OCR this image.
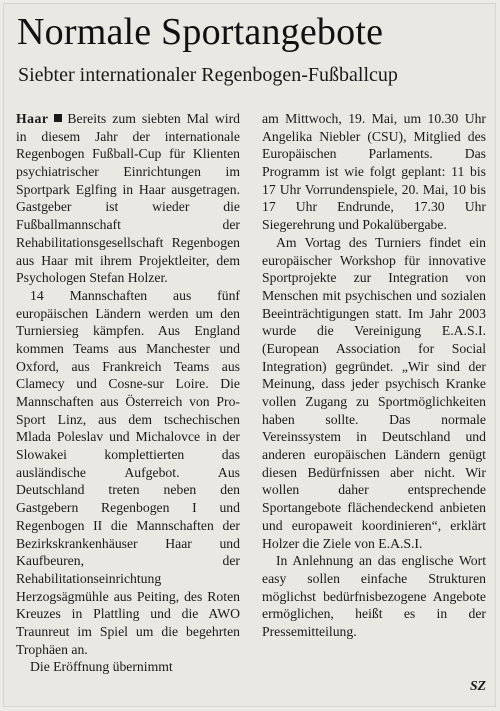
Normale Sportangebote
Siebter internationaler Regenbogen-Fußballcup

Haar Bereits zum siebten Mal wird in diesem Jahr der internationale Regenbogen Fußball-Cup für Klienten psychiatrischer Einrichtungen im Sportpark Eglfing in Haar ausgetragen. Gastgeber ist wieder die Fußballmannschaft der Rehabilitationsgesellschaft Regenbogen aus Haar mit ihrem Projektleiter, dem Psychologen Stefan Holzer.

14 Mannschaften aus fünf europäischen Ländern werden um den Turniersieg kämpfen. Aus England kommen Teams aus Manchester und Oxford, aus Frankreich Teams aus Clamecy und Cosne-sur Loire. Die Mannschaften aus Österreich von Pro-Sport Linz, aus dem tschechischen Mlada Poleslav und Michalovce in der Slowakei komplettierten das ausländische Aufgebot. Aus Deutschland treten neben den Gastgebern Regenbogen I und Regenbogen II die Mannschaften der Bezirkskrankenhäuser Haar und Kaufbeuren, der Rehabilitationseinrichtung Herzogsägmühle aus Peiting, des Roten Kreuzes in Plattling und die AWO Traunreut im Spiel um die begehrten Trophäen an.

Die Eröffnung übernimmt

am Mittwoch, 19. Mai, um 10.30 Uhr Angelika Niebler (CSU), Mitglied des Europäischen Parlaments. Das Programm ist wie folgt geplant: 11 bis 17 Uhr Vorrundenspiele, 20. Mai, 10 bis 17 Uhr Endrunde, 17.30 Uhr Siegerehrung und Pokalübergabe.

Am Vortag des Turniers findet ein europäischer Workshop für innovative Sportprojekte zur Integration von Menschen mit psychischen und sozialen Beeinträchtigungen statt. Im Jahr 2003 wurde die Vereinigung E.A.S.I. (European Association for Social Integration) gegründet. „Wir sind der Meinung, dass jeder psychisch Kranke vollen Zugang zu Sportmöglichkeiten haben sollte. Das normale Vereinssystem in Deutschland und anderen europäischen Ländern genügt diesen Bedürfnissen aber nicht. Wir wollen daher entsprechende Sportangebote flächendeckend anbieten und europaweit koordinieren“, erklärt Holzer die Ziele von E.A.S.I.

In Anlehnung an das englische Wort easy sollen einfache Strukturen möglichst bedürfnisbezogene Angebote ermöglichen, heißt es in der Pressemitteilung.

SZ
